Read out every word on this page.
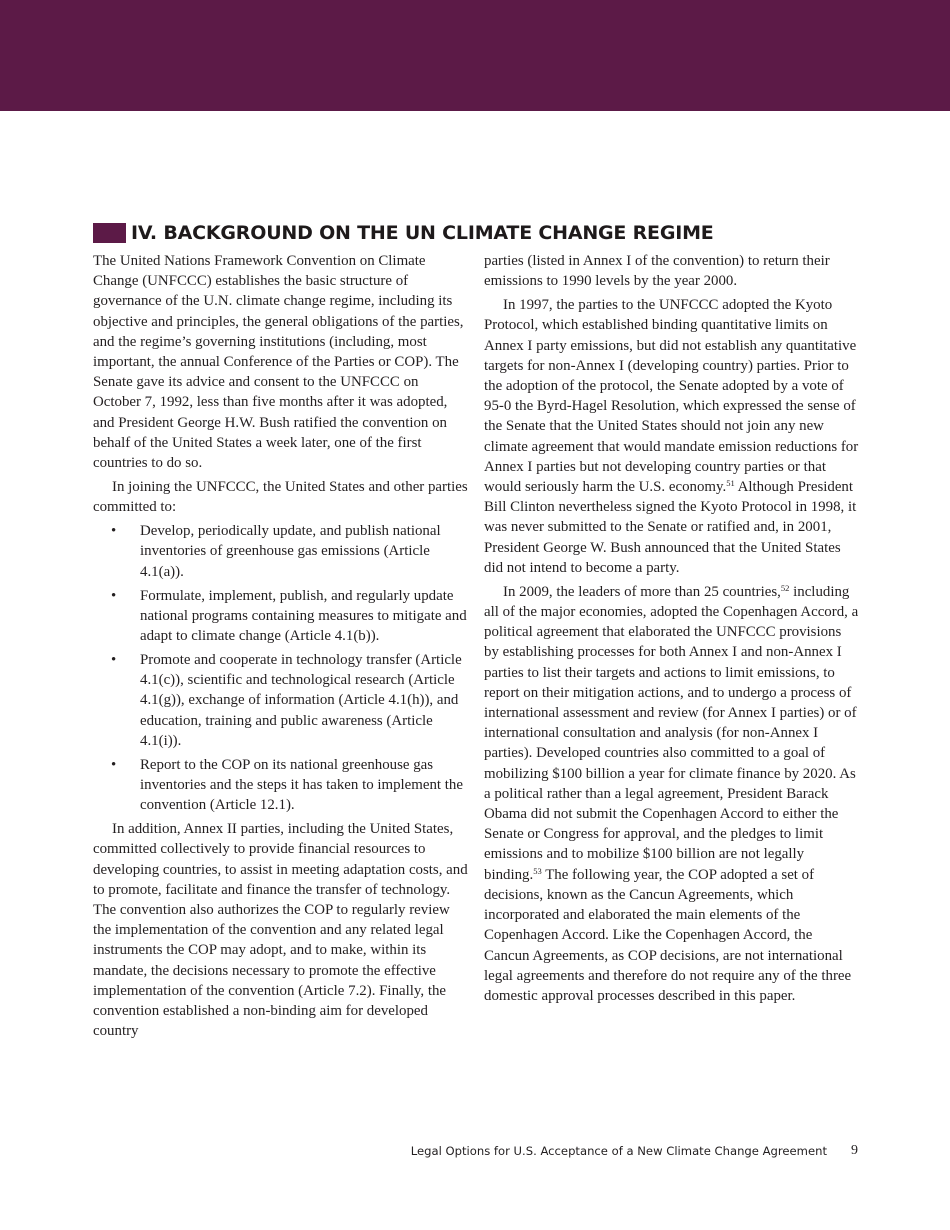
IV. BACKGROUND ON THE UN CLIMATE CHANGE REGIME

The United Nations Framework Convention on Climate Change (UNFCCC) establishes the basic structure of governance of the U.N. climate change regime, including its objective and principles, the general obligations of the parties, and the regime’s governing institutions (including, most important, the annual Conference of the Parties or COP). The Senate gave its advice and consent to the UNFCCC on October 7, 1992, less than five months after it was adopted, and President George H.W. Bush ratified the convention on behalf of the United States a week later, one of the first countries to do so.

In joining the UNFCCC, the United States and other parties committed to:

• Develop, periodically update, and publish national inventories of greenhouse gas emissions (Article 4.1(a)).
• Formulate, implement, publish, and regularly update national programs containing measures to mitigate and adapt to climate change (Article 4.1(b)).
• Promote and cooperate in technology transfer (Article 4.1(c)), scientific and technological research (Article 4.1(g)), exchange of information (Article 4.1(h)), and education, training and public awareness (Article 4.1(i)).
• Report to the COP on its national greenhouse gas inventories and the steps it has taken to implement the convention (Article 12.1).

In addition, Annex II parties, including the United States, committed collectively to provide financial resources to developing countries, to assist in meeting adaptation costs, and to promote, facilitate and finance the transfer of technology. The convention also authorizes the COP to regularly review the implementation of the convention and any related legal instruments the COP may adopt, and to make, within its mandate, the decisions necessary to promote the effective implementation of the convention (Article 7.2). Finally, the convention established a non-binding aim for developed country

parties (listed in Annex I of the convention) to return their emissions to 1990 levels by the year 2000.

In 1997, the parties to the UNFCCC adopted the Kyoto Protocol, which established binding quantitative limits on Annex I party emissions, but did not establish any quantitative targets for non-Annex I (developing country) parties. Prior to the adoption of the protocol, the Senate adopted by a vote of 95-0 the Byrd-Hagel Resolution, which expressed the sense of the Senate that the United States should not join any new climate agreement that would mandate emission reductions for Annex I parties but not developing country parties or that would seriously harm the U.S. economy.$^{51}$ Although President Bill Clinton nevertheless signed the Kyoto Protocol in 1998, it was never submitted to the Senate or ratified and, in 2001, President George W. Bush announced that the United States did not intend to become a party.

In 2009, the leaders of more than 25 countries,$^{52}$ including all of the major economies, adopted the Copenhagen Accord, a political agreement that elaborated the UNFCCC provisions by establishing processes for both Annex I and non-Annex I parties to list their targets and actions to limit emissions, to report on their mitigation actions, and to undergo a process of international assessment and review (for Annex I parties) or of international consultation and analysis (for non-Annex I parties). Developed countries also committed to a goal of mobilizing $100 billion a year for climate finance by 2020. As a political rather than a legal agreement, President Barack Obama did not submit the Copenhagen Accord to either the Senate or Congress for approval, and the pledges to limit emissions and to mobilize $100 billion are not legally binding.$^{53}$ The following year, the COP adopted a set of decisions, known as the Cancun Agreements, which incorporated and elaborated the main elements of the Copenhagen Accord. Like the Copenhagen Accord, the Cancun Agreements, as COP decisions, are not international legal agreements and therefore do not require any of the three domestic approval processes described in this paper.

Legal Options for U.S. Acceptance of a New Climate Change Agreement 9
